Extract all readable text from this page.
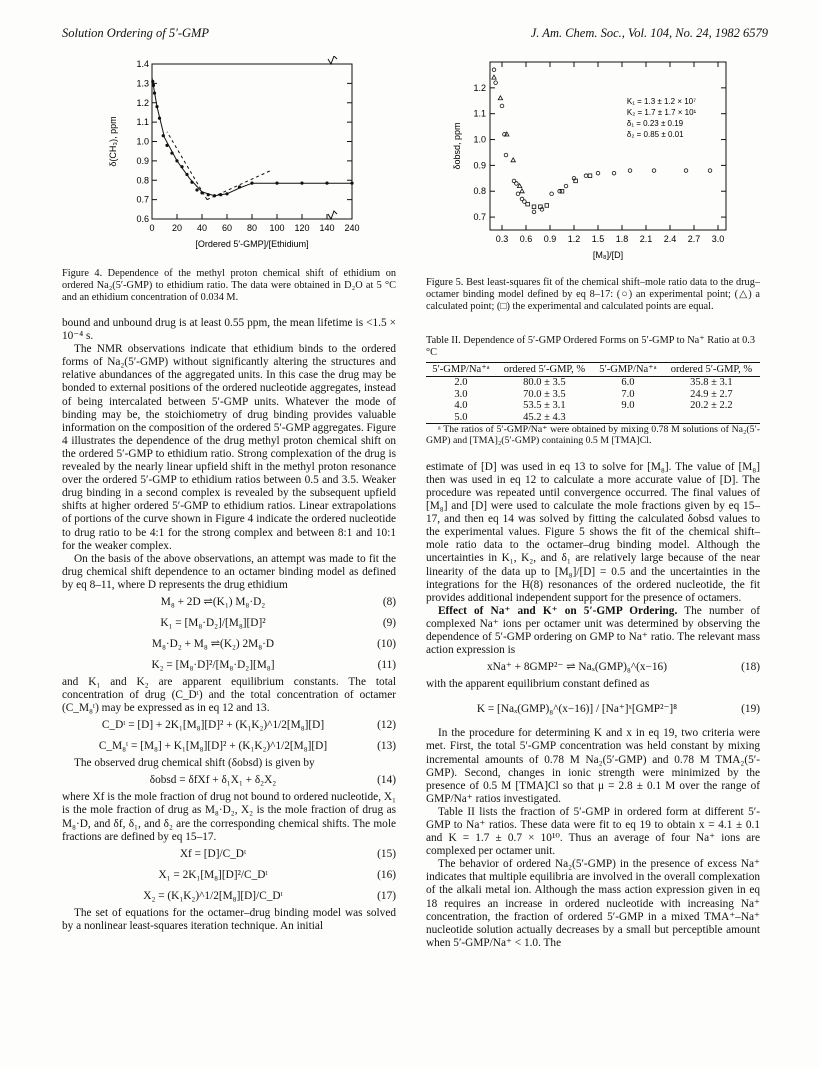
Solution Ordering of 5′-GMP	J. Am. Chem. Soc., Vol. 104, No. 24, 1982 6579
0 20 40 60 80 100 120 140 240
0.6
0.7
0.8
0.9
1.0
1.1
1.2
1.3
1.4
[Ordered 5′-GMP]/[Ethidium]
δ(CH₃), ppm
Figure 4. Dependence of the methyl proton chemical shift of ethidium on ordered Na₂(5′-GMP) to ethidium ratio. The data were obtained in D₂O at 5 °C and an ethidium concentration of 0.034 M.
0.3 0.6 0.9 1.2 1.5 1.8 2.1 2.4 2.7 3.0
0.7
0.8
0.9
1.0
1.1
1.2
K₁ = 1.3 ± 1.2 × 10⁷
K₂ = 1.7 ± 1.7 × 10¹
δ₁ = 0.23 ± 0.19
δ₂ = 0.85 ± 0.01
[M₈]/[D]
δobsd, ppm
Figure 5. Best least-squares fit of the chemical shift–mole ratio data to the drug–octamer binding model defined by eq 8–17: (○) an experimental point; (△) a calculated point; (□) the experimental and calculated points are equal.

bound and unbound drug is at least 0.55 ppm, the mean lifetime is <1.5 × 10⁻⁴ s.

The NMR observations indicate that ethidium binds to the ordered forms of Na₂(5′-GMP) without significantly altering the structures and relative abundances of the aggregated units. In this case the drug may be bonded to external positions of the ordered nucleotide aggregates, instead of being intercalated between 5′-GMP units. Whatever the mode of binding may be, the stoichiometry of drug binding provides valuable information on the composition of the ordered 5′-GMP aggregates. Figure 4 illustrates the dependence of the drug methyl proton chemical shift on the ordered 5′-GMP to ethidium ratio. Strong complexation of the drug is revealed by the nearly linear upfield shift in the methyl proton resonance over the ordered 5′-GMP to ethidium ratios between 0.5 and 3.5. Weaker drug binding in a second complex is revealed by the subsequent upfield shifts at higher ordered 5′-GMP to ethidium ratios. Linear extrapolations of portions of the curve shown in Figure 4 indicate the ordered nucleotide to drug ratio to be 4:1 for the strong complex and between 8:1 and 10:1 for the weaker complex.

On the basis of the above observations, an attempt was made to fit the drug chemical shift dependence to an octamer binding model as defined by eq 8–11, where D represents the drug ethidium

M₈ + 2D ⇌(K₁) M₈·D₂	(8)
K₁ = [M₈·D₂]/[M₈][D]²	(9)
M₈·D₂ + M₈ ⇌(K₂) 2M₈·D	(10)
K₂ = [M₈·D]²/[M₈·D₂][M₈]	(11)

and K₁ and K₂ are apparent equilibrium constants. The total concentration of drug (C_Dᵗ) and the total concentration of octamer (C_M₈ᵗ) may be expressed as in eq 12 and 13.

C_Dᵗ = [D] + 2K₁[M₈][D]² + (K₁K₂)^1/2[M₈][D]	(12)
C_M₈ᵗ = [M₈] + K₁[M₈][D]² + (K₁K₂)^1/2[M₈][D]	(13)

The observed drug chemical shift (δobsd) is given by

δobsd = δfXf + δ₁X₁ + δ₂X₂	(14)

where Xf is the mole fraction of drug not bound to ordered nucleotide, X₁ is the mole fraction of drug as M₈·D₂, X₂ is the mole fraction of drug as M₈·D, and δf, δ₁, and δ₂ are the corresponding chemical shifts. The mole fractions are defined by eq 15–17.

Xf = [D]/C_Dᵗ	(15)
X₁ = 2K₁[M₈][D]²/C_Dᵗ	(16)
X₂ = (K₁K₂)^1/2[M₈][D]/C_Dᵗ	(17)

The set of equations for the octamer–drug binding model was solved by a nonlinear least-squares iteration technique. An initial

Table II. Dependence of 5′-GMP Ordered Forms on 5′-GMP to Na⁺ Ratio at 0.3 °C
5′-GMP/Na⁺ᵃ	ordered 5′-GMP, %	5′-GMP/Na⁺ᵃ	ordered 5′-GMP, %
2.0	80.0 ± 3.5	6.0	35.8 ± 3.1
3.0	70.0 ± 3.5	7.0	24.9 ± 2.7
4.0	53.5 ± 3.1	9.0	20.2 ± 2.2
5.0	45.2 ± 4.3		

ᵃ The ratios of 5′-GMP/Na⁺ were obtained by mixing 0.78 M solutions of Na₂(5′-GMP) and [TMA]₂(5′-GMP) containing 0.5 M [TMA]Cl.

estimate of [D] was used in eq 13 to solve for [M₈]. The value of [M₈] then was used in eq 12 to calculate a more accurate value of [D]. The procedure was repeated until convergence occurred. The final values of [M₈] and [D] were used to calculate the mole fractions given by eq 15–17, and then eq 14 was solved by fitting the calculated δobsd values to the experimental values. Figure 5 shows the fit of the chemical shift–mole ratio data to the octamer–drug binding model. Although the uncertainties in K₁, K₂, and δ₁ are relatively large because of the near linearity of the data up to [M₈]/[D] = 0.5 and the uncertainties in the integrations for the H(8) resonances of the ordered nucleotide, the fit provides additional independent support for the presence of octamers.

Effect of Na⁺ and K⁺ on 5′-GMP Ordering. The number of complexed Na⁺ ions per octamer unit was determined by observing the dependence of 5′-GMP ordering on GMP to Na⁺ ratio. The relevant mass action expression is

xNa⁺ + 8GMP²⁻ ⇌ Naₓ(GMP)₈^(x−16)	(18)

with the apparent equilibrium constant defined as

K = [Naₓ(GMP)₈^(x−16)] / [Na⁺]ˣ[GMP²⁻]⁸	(19)

In the procedure for determining K and x in eq 19, two criteria were met. First, the total 5′-GMP concentration was held constant by mixing incremental amounts of 0.78 M Na₂(5′-GMP) and 0.78 M TMA₂(5′-GMP). Second, changes in ionic strength were minimized by the presence of 0.5 M [TMA]Cl so that μ = 2.8 ± 0.1 M over the range of GMP/Na⁺ ratios investigated.

Table II lists the fraction of 5′-GMP in ordered form at different 5′-GMP to Na⁺ ratios. These data were fit to eq 19 to obtain x = 4.1 ± 0.1 and K = 1.7 ± 0.7 × 10¹⁰. Thus an average of four Na⁺ ions are complexed per octamer unit.

The behavior of ordered Na₂(5′-GMP) in the presence of excess Na⁺ indicates that multiple equilibria are involved in the overall complexation of the alkali metal ion. Although the mass action expression given in eq 18 requires an increase in ordered nucleotide with increasing Na⁺ concentration, the fraction of ordered 5′-GMP in a mixed TMA⁺–Na⁺ nucleotide solution actually decreases by a small but perceptible amount when 5′-GMP/Na⁺ < 1.0. The
